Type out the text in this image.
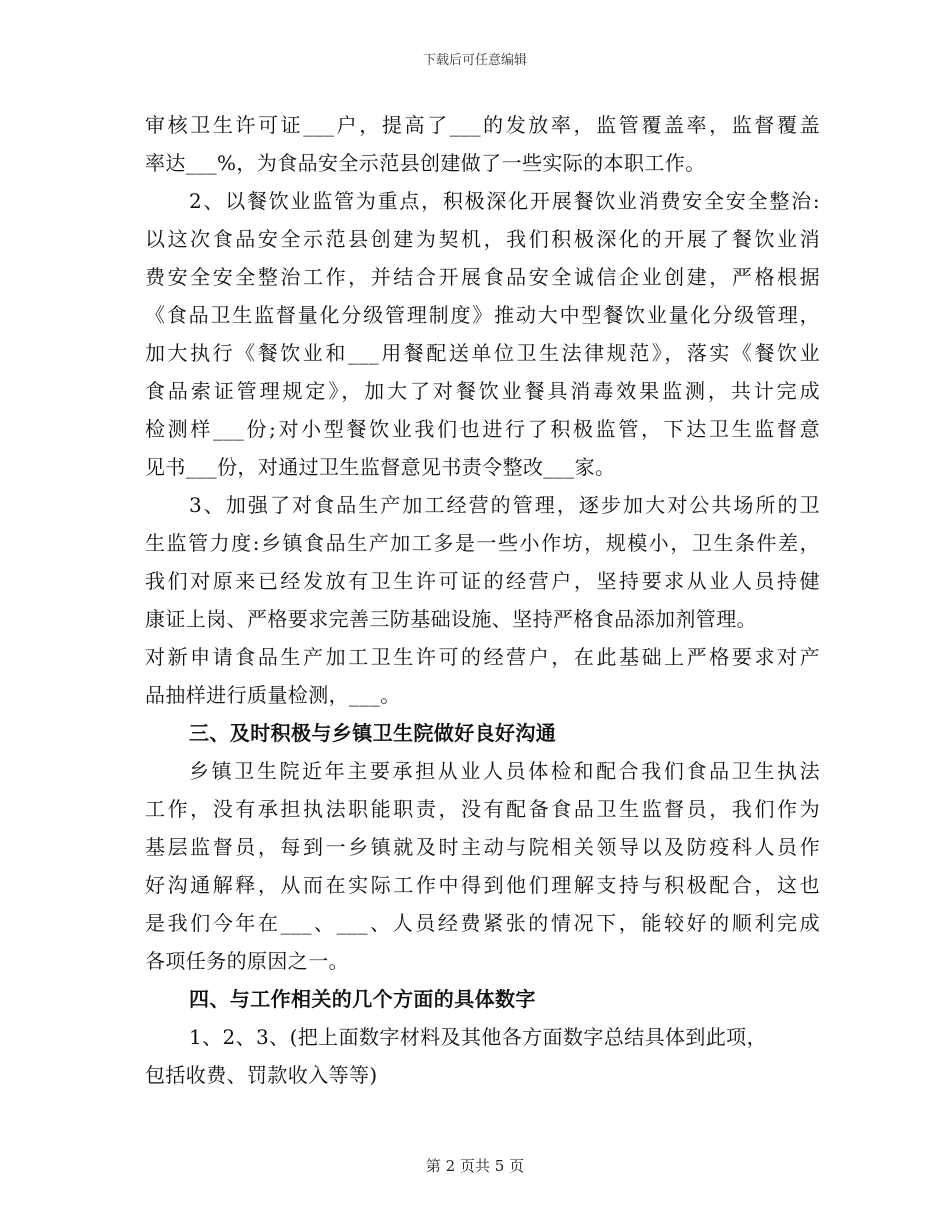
下载后可任意编辑
审核卫生许可证___户，提高了___的发放率，监管覆盖率，监督覆盖
率达___%，为食品安全示范县创建做了一些实际的本职工作。
2、以餐饮业监管为重点，积极深化开展餐饮业消费安全安全整治:
以这次食品安全示范县创建为契机，我们积极深化的开展了餐饮业消
费安全安全整治工作，并结合开展食品安全诚信企业创建，严格根据
《食品卫生监督量化分级管理制度》推动大中型餐饮业量化分级管理，
加大执行《餐饮业和___用餐配送单位卫生法律规范》，落实《餐饮业
食品索证管理规定》，加大了对餐饮业餐具消毒效果监测，共计完成
检测样___份;对小型餐饮业我们也进行了积极监管，下达卫生监督意
见书___份，对通过卫生监督意见书责令整改___家。
3、加强了对食品生产加工经营的管理，逐步加大对公共场所的卫
生监管力度:乡镇食品生产加工多是一些小作坊，规模小，卫生条件差，
我们对原来已经发放有卫生许可证的经营户，坚持要求从业人员持健
康证上岗、严格要求完善三防基础设施、坚持严格食品添加剂管理。
对新申请食品生产加工卫生许可的经营户，在此基础上严格要求对产
品抽样进行质量检测，___。
三、及时积极与乡镇卫生院做好良好沟通
乡镇卫生院近年主要承担从业人员体检和配合我们食品卫生执法
工作，没有承担执法职能职责，没有配备食品卫生监督员，我们作为
基层监督员，每到一乡镇就及时主动与院相关领导以及防疫科人员作
好沟通解释，从而在实际工作中得到他们理解支持与积极配合，这也
是我们今年在___、___、人员经费紧张的情况下，能较好的顺利完成
各项任务的原因之一。
四、与工作相关的几个方面的具体数字
1、2、3、(把上面数字材料及其他各方面数字总结具体到此项，
包括收费、罚款收入等等)
第 2 页共 5 页
